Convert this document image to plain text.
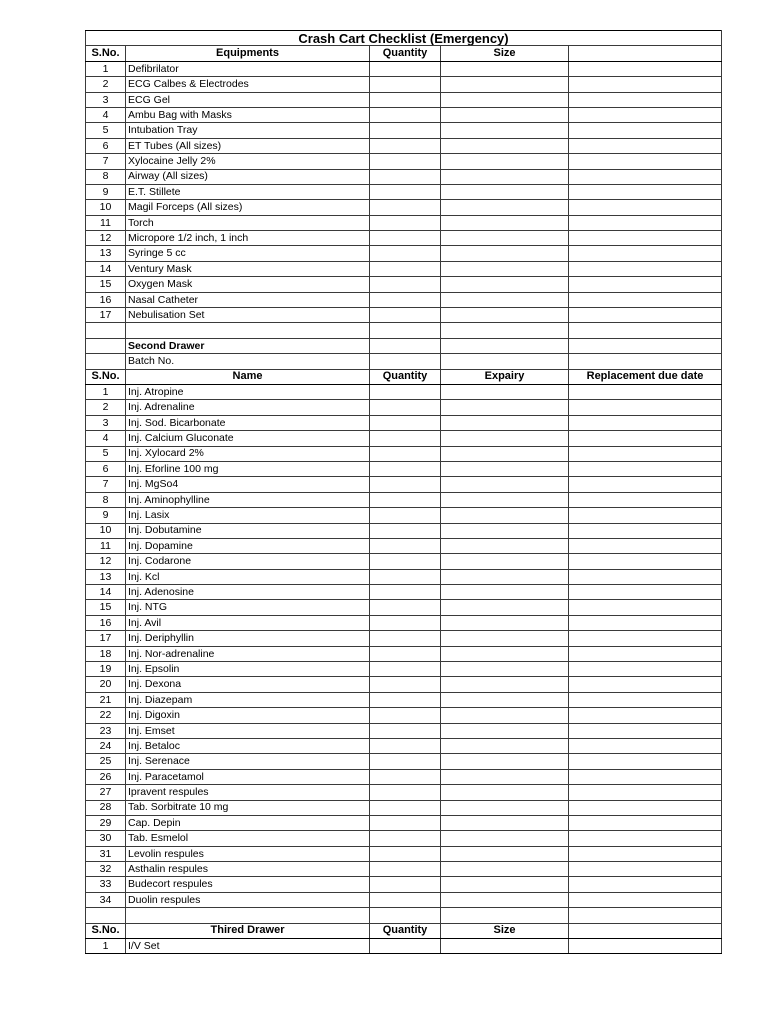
Crash Cart Checklist (Emergency)				
S.No.	Equipments	Quantity	Size	
1	Defibrilator			
2	ECG Calbes & Electrodes			
3	ECG Gel			
4	Ambu Bag with Masks			
5	Intubation Tray			
6	ET Tubes (All sizes)			
7	Xylocaine Jelly 2%			
8	Airway (All sizes)			
9	E.T. Stillete			
10	Magil Forceps (All sizes)			
11	Torch			
12	Micropore 1/2 inch, 1 inch			
13	Syringe 5 cc			
14	Ventury Mask			
15	Oxygen Mask			
16	Nasal Catheter			
17	Nebulisation Set			

	Second Drawer			
	Batch No.			
S.No.	Name	Quantity	Expairy	Replacement due date
1	Inj. Atropine			
2	Inj. Adrenaline			
3	Inj. Sod. Bicarbonate			
4	Inj. Calcium Gluconate			
5	Inj. Xylocard 2%			
6	Inj. Eforline 100 mg			
7	Inj. MgSo4			
8	Inj. Aminophylline			
9	Inj. Lasix			
10	Inj. Dobutamine			
11	Inj. Dopamine			
12	Inj. Codarone			
13	Inj. Kcl			
14	Inj. Adenosine			
15	Inj. NTG			
16	Inj. Avil			
17	Inj. Deriphyllin			
18	Inj. Nor-adrenaline			
19	Inj. Epsolin			
20	Inj. Dexona			
21	Inj. Diazepam			
22	Inj. Digoxin			
23	Inj. Emset			
24	Inj. Betaloc			
25	Inj. Serenace			
26	Inj. Paracetamol			
27	Ipravent respules			
28	Tab. Sorbitrate 10 mg			
29	Cap. Depin			
30	Tab. Esmelol			
31	Levolin respules			
32	Asthalin respules			
33	Budecort respules			
34	Duolin respules			

S.No.	Thired Drawer	Quantity	Size	
1	I/V Set			
